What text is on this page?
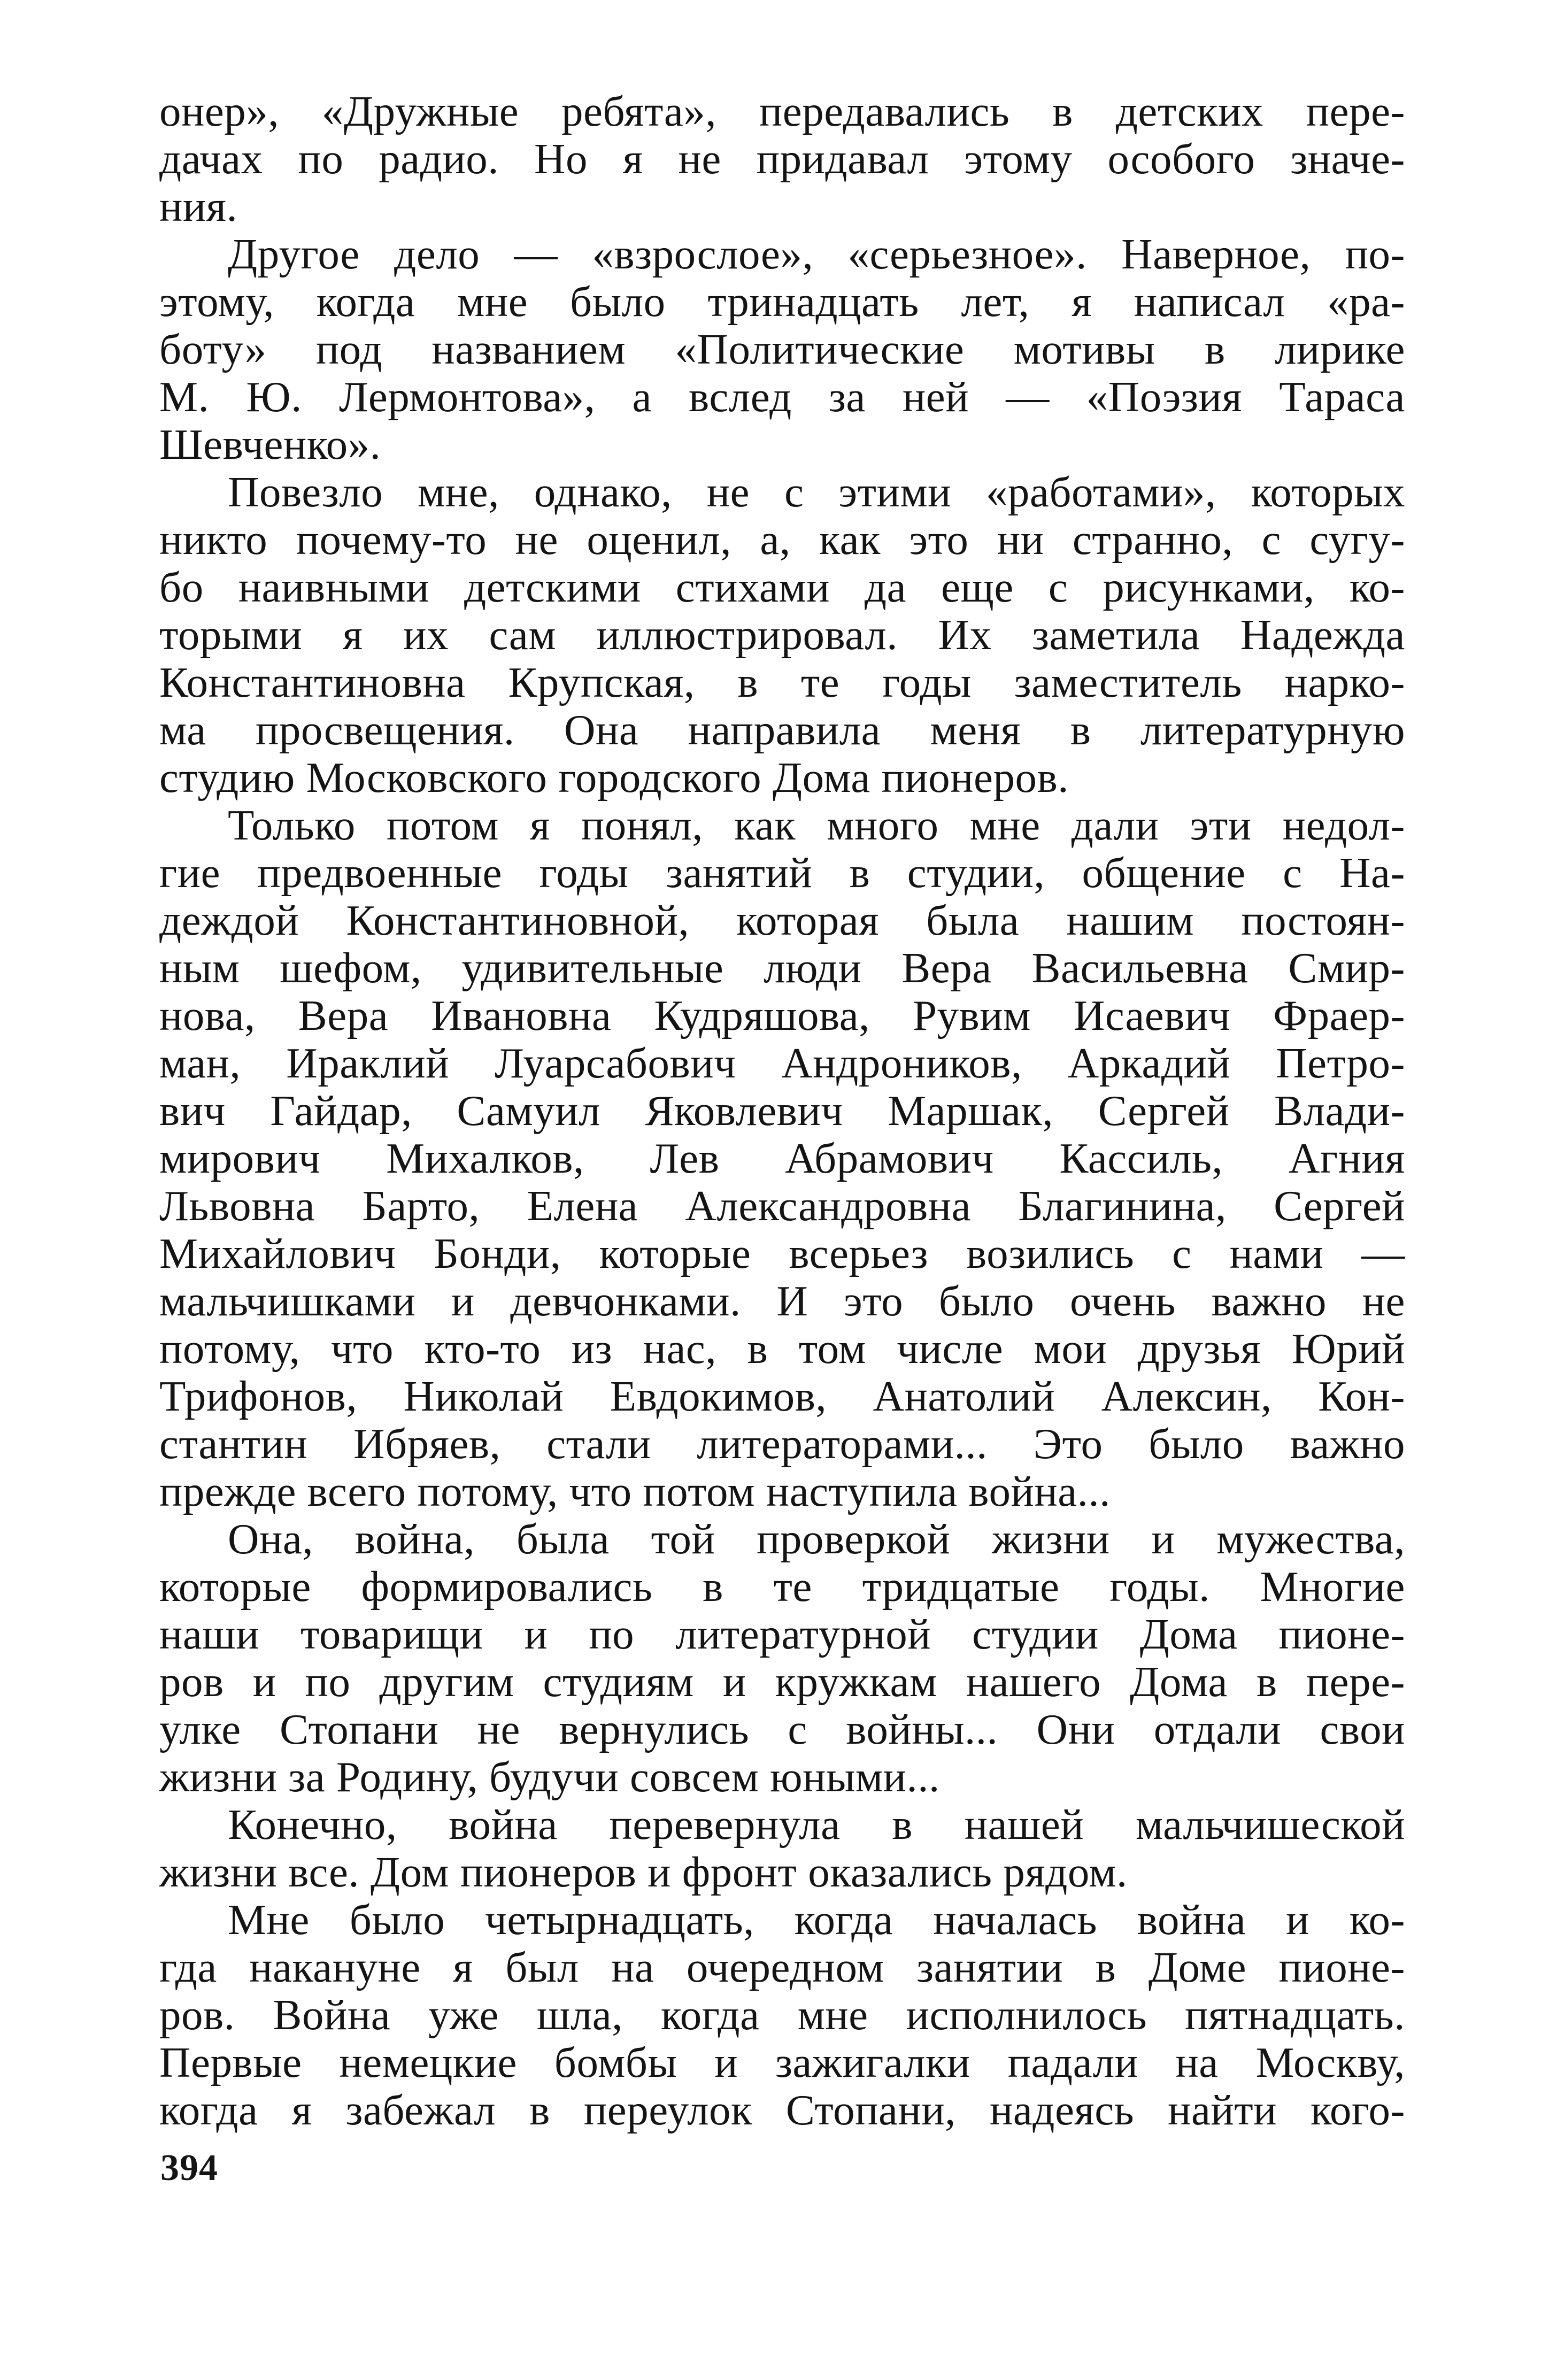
онер», «Дружные ребята», передавались в детских пере-
дачах по радио. Но я не придавал этому особого значе-
ния.
Другое дело — «взрослое», «серьезное». Наверное, по-
этому, когда мне было тринадцать лет, я написал «ра-
боту» под названием «Политические мотивы в лирике
М. Ю. Лермонтова», а вслед за ней — «Поэзия Тараса
Шевченко».
Повезло мне, однако, не с этими «работами», которых
никто почему-то не оценил, а, как это ни странно, с сугу-
бо наивными детскими стихами да еще с рисунками, ко-
торыми я их сам иллюстрировал. Их заметила Надежда
Константиновна Крупская, в те годы заместитель нарко-
ма просвещения. Она направила меня в литературную
студию Московского городского Дома пионеров.
Только потом я понял, как много мне дали эти недол-
гие предвоенные годы занятий в студии, общение с На-
деждой Константиновной, которая была нашим постоян-
ным шефом, удивительные люди Вера Васильевна Смир-
нова, Вера Ивановна Кудряшова, Рувим Исаевич Фраер-
ман, Ираклий Луарсабович Андроников, Аркадий Петро-
вич Гайдар, Самуил Яковлевич Маршак, Сергей Влади-
мирович Михалков, Лев Абрамович Кассиль, Агния
Львовна Барто, Елена Александровна Благинина, Сергей
Михайлович Бонди, которые всерьез возились с нами —
мальчишками и девчонками. И это было очень важно не
потому, что кто-то из нас, в том числе мои друзья Юрий
Трифонов, Николай Евдокимов, Анатолий Алексин, Кон-
стантин Ибряев, стали литераторами... Это было важно
прежде всего потому, что потом наступила война...
Она, война, была той проверкой жизни и мужества,
которые формировались в те тридцатые годы. Многие
наши товарищи и по литературной студии Дома пионе-
ров и по другим студиям и кружкам нашего Дома в пере-
улке Стопани не вернулись с войны... Они отдали свои
жизни за Родину, будучи совсем юными...
Конечно, война перевернула в нашей мальчишеской
жизни все. Дом пионеров и фронт оказались рядом.
Мне было четырнадцать, когда началась война и ко-
гда накануне я был на очередном занятии в Доме пионе-
ров. Война уже шла, когда мне исполнилось пятнадцать.
Первые немецкие бомбы и зажигалки падали на Москву,
когда я забежал в переулок Стопани, надеясь найти кого-
394
